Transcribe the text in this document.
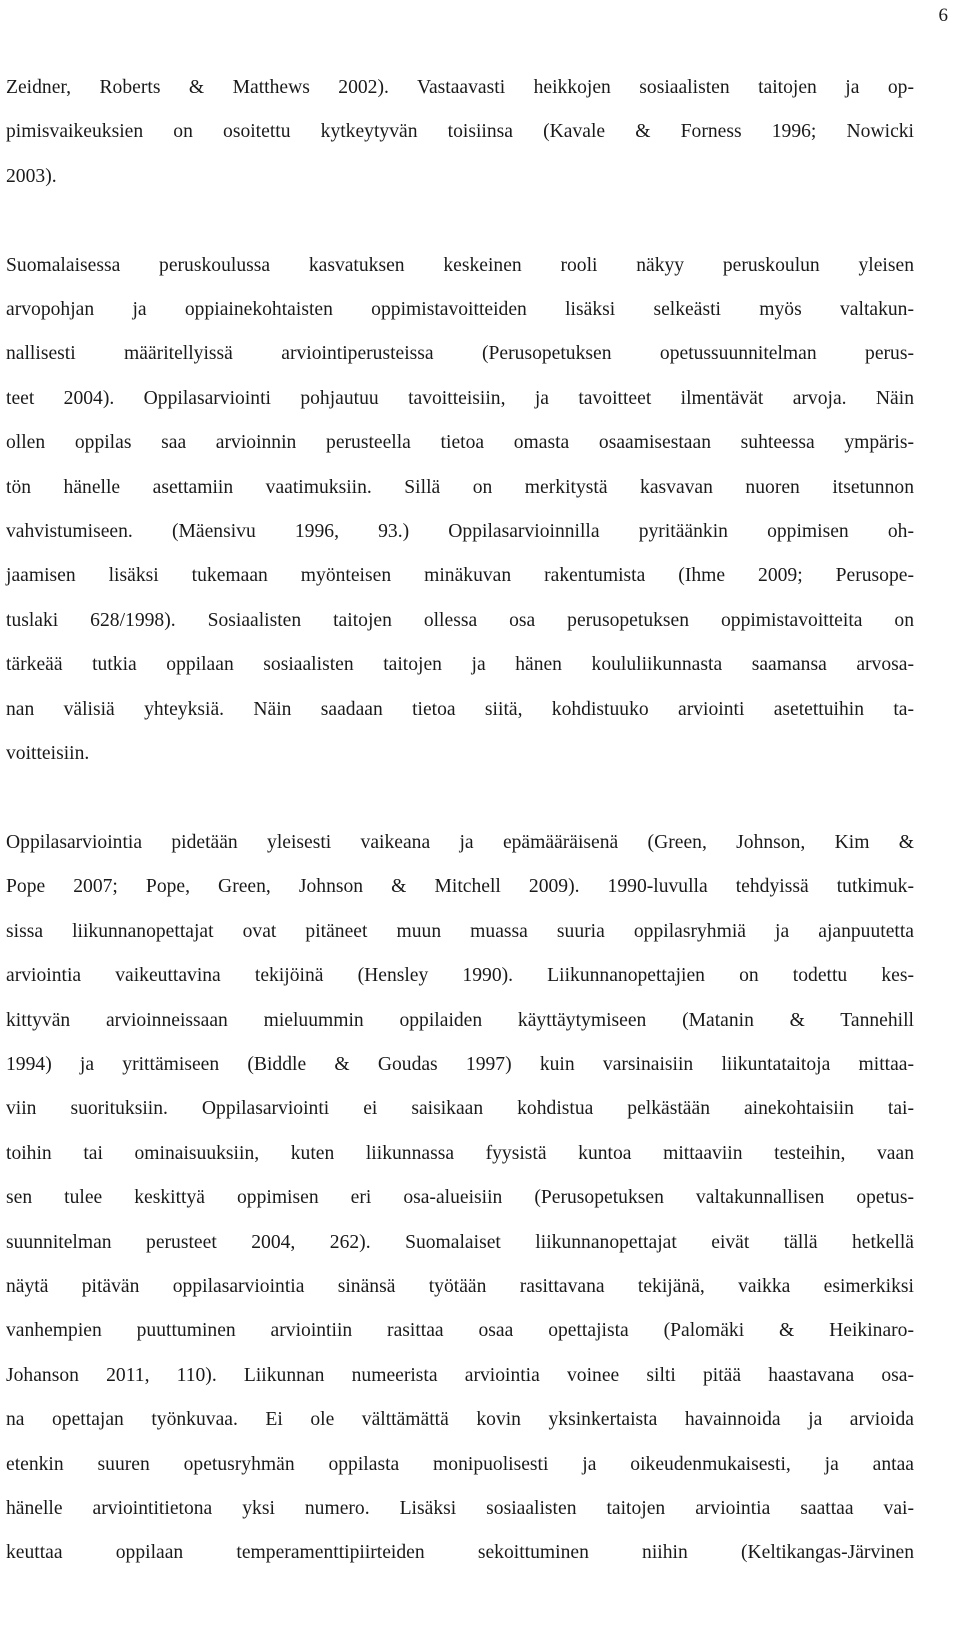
6

Zeidner, Roberts & Matthews 2002). Vastaavasti heikkojen sosiaalisten taitojen ja op-
pimisvaikeuksien on osoitettu kytkeytyvän toisiinsa (Kavale & Forness 1996; Nowicki
2003).

Suomalaisessa peruskoulussa kasvatuksen keskeinen rooli näkyy peruskoulun yleisen
arvopohjan ja oppiainekohtaisten oppimistavoitteiden lisäksi selkeästi myös valtakun-
nallisesti määritellyissä arviointiperusteissa (Perusopetuksen opetussuunnitelman perus-
teet 2004). Oppilasarviointi pohjautuu tavoitteisiin, ja tavoitteet ilmentävät arvoja. Näin
ollen oppilas saa arvioinnin perusteella tietoa omasta osaamisestaan suhteessa ympäris-
tön hänelle asettamiin vaatimuksiin. Sillä on merkitystä kasvavan nuoren itsetunnon
vahvistumiseen. (Mäensivu 1996, 93.) Oppilasarvioinnilla pyritäänkin oppimisen oh-
jaamisen lisäksi tukemaan myönteisen minäkuvan rakentumista (Ihme 2009; Perusope-
tuslaki 628/1998). Sosiaalisten taitojen ollessa osa perusopetuksen oppimistavoitteita on
tärkeää tutkia oppilaan sosiaalisten taitojen ja hänen koululiikunnasta saamansa arvosa-
nan välisiä yhteyksiä. Näin saadaan tietoa siitä, kohdistuuko arviointi asetettuihin ta-
voitteisiin.

Oppilasarviointia pidetään yleisesti vaikeana ja epämääräisenä (Green, Johnson, Kim &
Pope 2007; Pope, Green, Johnson & Mitchell 2009). 1990-luvulla tehdyissä tutkimuk-
sissa liikunnanopettajat ovat pitäneet muun muassa suuria oppilasryhmiä ja ajanpuutetta
arviointia vaikeuttavina tekijöinä (Hensley 1990). Liikunnanopettajien on todettu kes-
kittyvän arvioinneissaan mieluummin oppilaiden käyttäytymiseen (Matanin & Tannehill
1994) ja yrittämiseen (Biddle & Goudas 1997) kuin varsinaisiin liikuntataitoja mittaa-
viin suorituksiin. Oppilasarviointi ei saisikaan kohdistua pelkästään ainekohtaisiin tai-
toihin tai ominaisuuksiin, kuten liikunnassa fyysistä kuntoa mittaaviin testeihin, vaan
sen tulee keskittyä oppimisen eri osa-alueisiin (Perusopetuksen valtakunnallisen opetus-
suunnitelman perusteet 2004, 262). Suomalaiset liikunnanopettajat eivät tällä hetkellä
näytä pitävän oppilasarviointia sinänsä työtään rasittavana tekijänä, vaikka esimerkiksi
vanhempien puuttuminen arviointiin rasittaa osaa opettajista (Palomäki & Heikinaro-
Johanson 2011, 110). Liikunnan numeerista arviointia voinee silti pitää haastavana osa-
na opettajan työnkuvaa. Ei ole välttämättä kovin yksinkertaista havainnoida ja arvioida
etenkin suuren opetusryhmän oppilasta monipuolisesti ja oikeudenmukaisesti, ja antaa
hänelle arviointitietona yksi numero. Lisäksi sosiaalisten taitojen arviointia saattaa vai-
keuttaa oppilaan temperamenttipiirteiden sekoittuminen niihin (Keltikangas-Järvinen
